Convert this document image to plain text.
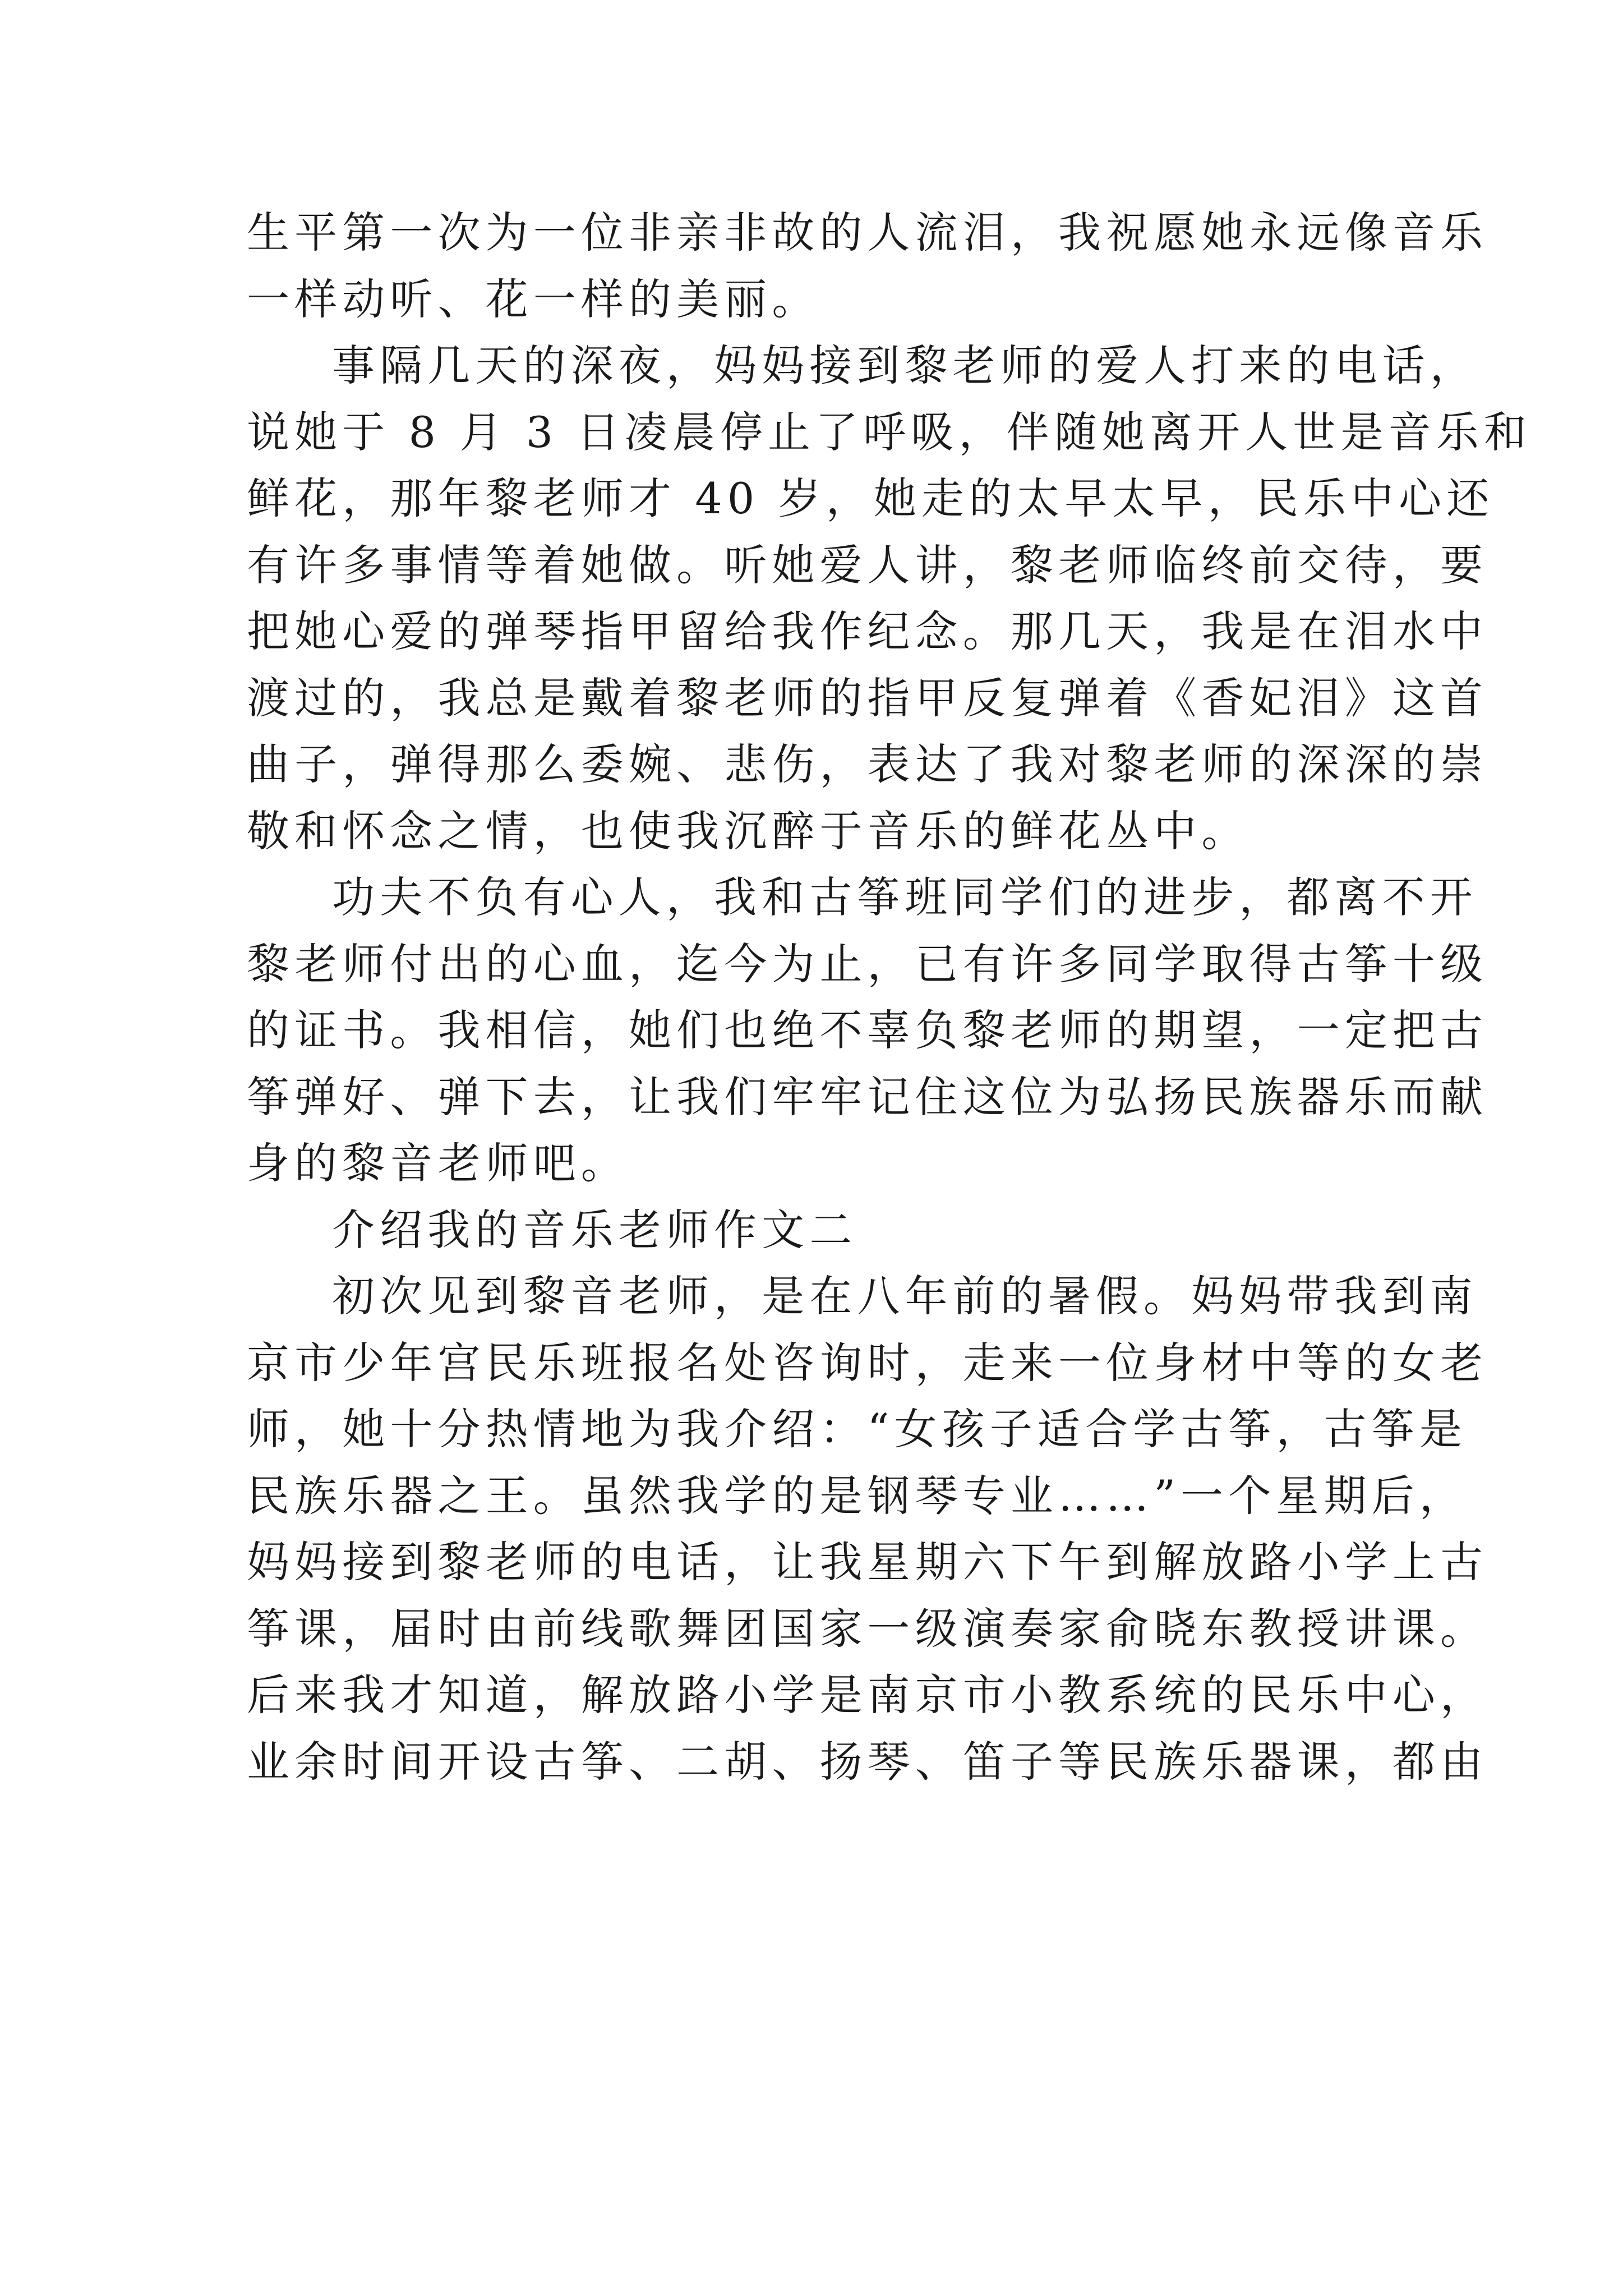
生平第一次为一位非亲非故的人流泪，我祝愿她永远像音乐
一样动听、花一样的美丽。
事隔几天的深夜，妈妈接到黎老师的爱人打来的电话，
说她于 8 月 3 日凌晨停止了呼吸，伴随她离开人世是音乐和
鲜花，那年黎老师才 40 岁，她走的太早太早，民乐中心还
有许多事情等着她做。听她爱人讲，黎老师临终前交待，要
把她心爱的弹琴指甲留给我作纪念。那几天，我是在泪水中
渡过的，我总是戴着黎老师的指甲反复弹着《香妃泪》这首
曲子，弹得那么委婉、悲伤，表达了我对黎老师的深深的崇
敬和怀念之情，也使我沉醉于音乐的鲜花丛中。
功夫不负有心人，我和古筝班同学们的进步，都离不开
黎老师付出的心血，迄今为止，已有许多同学取得古筝十级
的证书。我相信，她们也绝不辜负黎老师的期望，一定把古
筝弹好、弹下去，让我们牢牢记住这位为弘扬民族器乐而献
身的黎音老师吧。
介绍我的音乐老师作文二
初次见到黎音老师，是在八年前的暑假。妈妈带我到南
京市少年宫民乐班报名处咨询时，走来一位身材中等的女老
师，她十分热情地为我介绍：“女孩子适合学古筝，古筝是
民族乐器之王。虽然我学的是钢琴专业……”一个星期后，
妈妈接到黎老师的电话，让我星期六下午到解放路小学上古
筝课，届时由前线歌舞团国家一级演奏家俞晓东教授讲课。
后来我才知道，解放路小学是南京市小教系统的民乐中心，
业余时间开设古筝、二胡、扬琴、笛子等民族乐器课，都由
